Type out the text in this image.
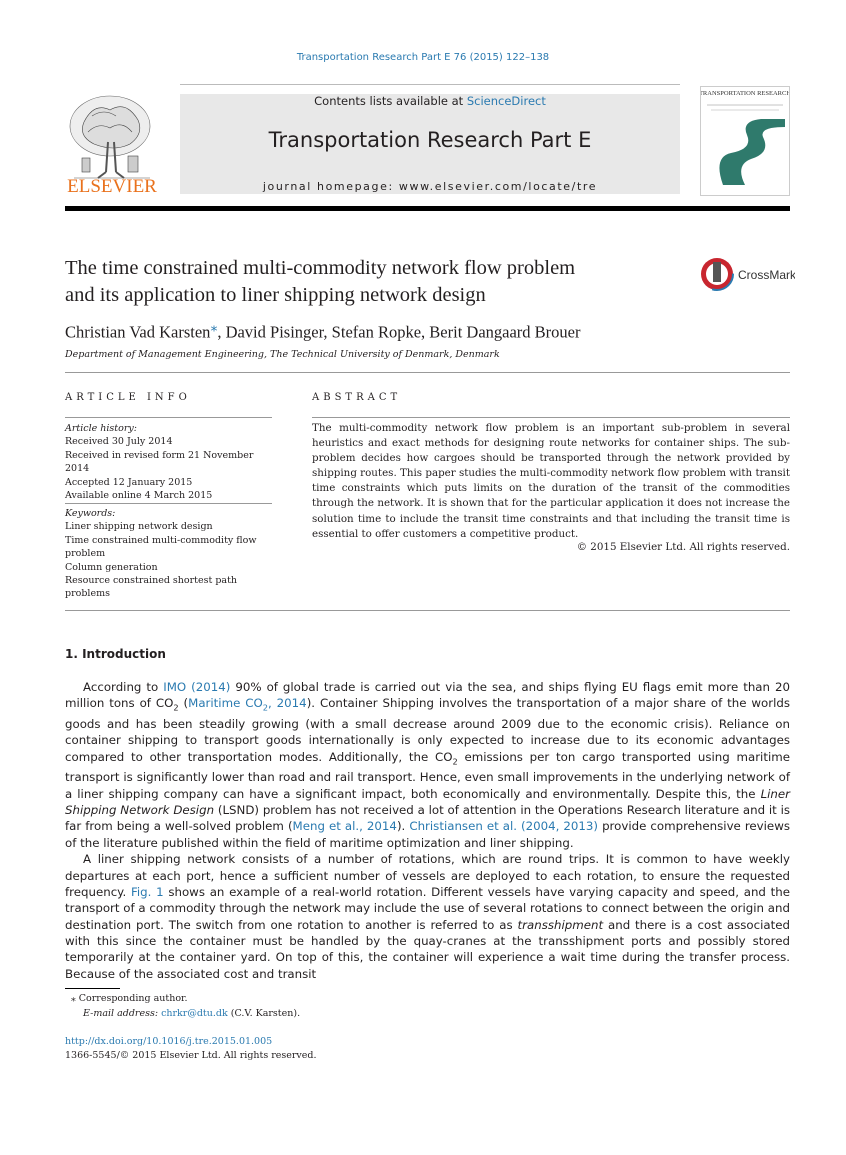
Transportation Research Part E 76 (2015) 122–138
Contents lists available at ScienceDirect
Transportation Research Part E
journal homepage: www.elsevier.com/locate/tre
ELSEVIER
TRANSPORTATION RESEARCH
The time constrained multi-commodity network flow problem
and its application to liner shipping network design
CrossMark
Christian Vad Karsten⁎, David Pisinger, Stefan Ropke, Berit Dangaard Brouer
Department of Management Engineering, The Technical University of Denmark, Denmark
ARTICLE INFO	ABSTRACT
Article history:
Received 30 July 2014
Received in revised form 21 November 2014
Accepted 12 January 2015
Available online 4 March 2015
Keywords:
Liner shipping network design
Time constrained multi-commodity flow problem
Column generation
Resource constrained shortest path problems
The multi-commodity network flow problem is an important sub-problem in several heuristics and exact methods for designing route networks for container ships. The sub-problem decides how cargoes should be transported through the network provided by shipping routes. This paper studies the multi-commodity network flow problem with transit time constraints which puts limits on the duration of the transit of the commodities through the network. It is shown that for the particular application it does not increase the solution time to include the transit time constraints and that including the transit time is essential to offer customers a competitive product.
© 2015 Elsevier Ltd. All rights reserved.
1. Introduction

According to IMO (2014) 90% of global trade is carried out via the sea, and ships flying EU flags emit more than 20 million tons of $CO_2$ (Maritime $CO_2$, 2014). Container Shipping involves the transportation of a major share of the worlds goods and has been steadily growing (with a small decrease around 2009 due to the economic crisis). Reliance on container shipping to transport goods internationally is only expected to increase due to its economic advantages compared to other transportation modes. Additionally, the $CO_2$ emissions per ton cargo transported using maritime transport is significantly lower than road and rail transport. Hence, even small improvements in the underlying network of a liner shipping company can have a significant impact, both economically and environmentally. Despite this, the Liner Shipping Network Design (LSND) problem has not received a lot of attention in the Operations Research literature and it is far from being a well-solved problem (Meng et al., 2014). Christiansen et al. (2004, 2013) provide comprehensive reviews of the literature published within the field of maritime optimization and liner shipping.

A liner shipping network consists of a number of rotations, which are round trips. It is common to have weekly departures at each port, hence a sufficient number of vessels are deployed to each rotation, to ensure the requested frequency. Fig. 1 shows an example of a real-world rotation. Different vessels have varying capacity and speed, and the transport of a commodity through the network may include the use of several rotations to connect between the origin and destination port. The switch from one rotation to another is referred to as transshipment and there is a cost associated with this since the container must be handled by the quay-cranes at the transshipment ports and possibly stored temporarily at the container yard. On top of this, the container will experience a wait time during the transfer process. Because of the associated cost and transit

⁎ Corresponding author.
E-mail address: chrkr@dtu.dk (C.V. Karsten).
http://dx.doi.org/10.1016/j.tre.2015.01.005
1366-5545/© 2015 Elsevier Ltd. All rights reserved.
